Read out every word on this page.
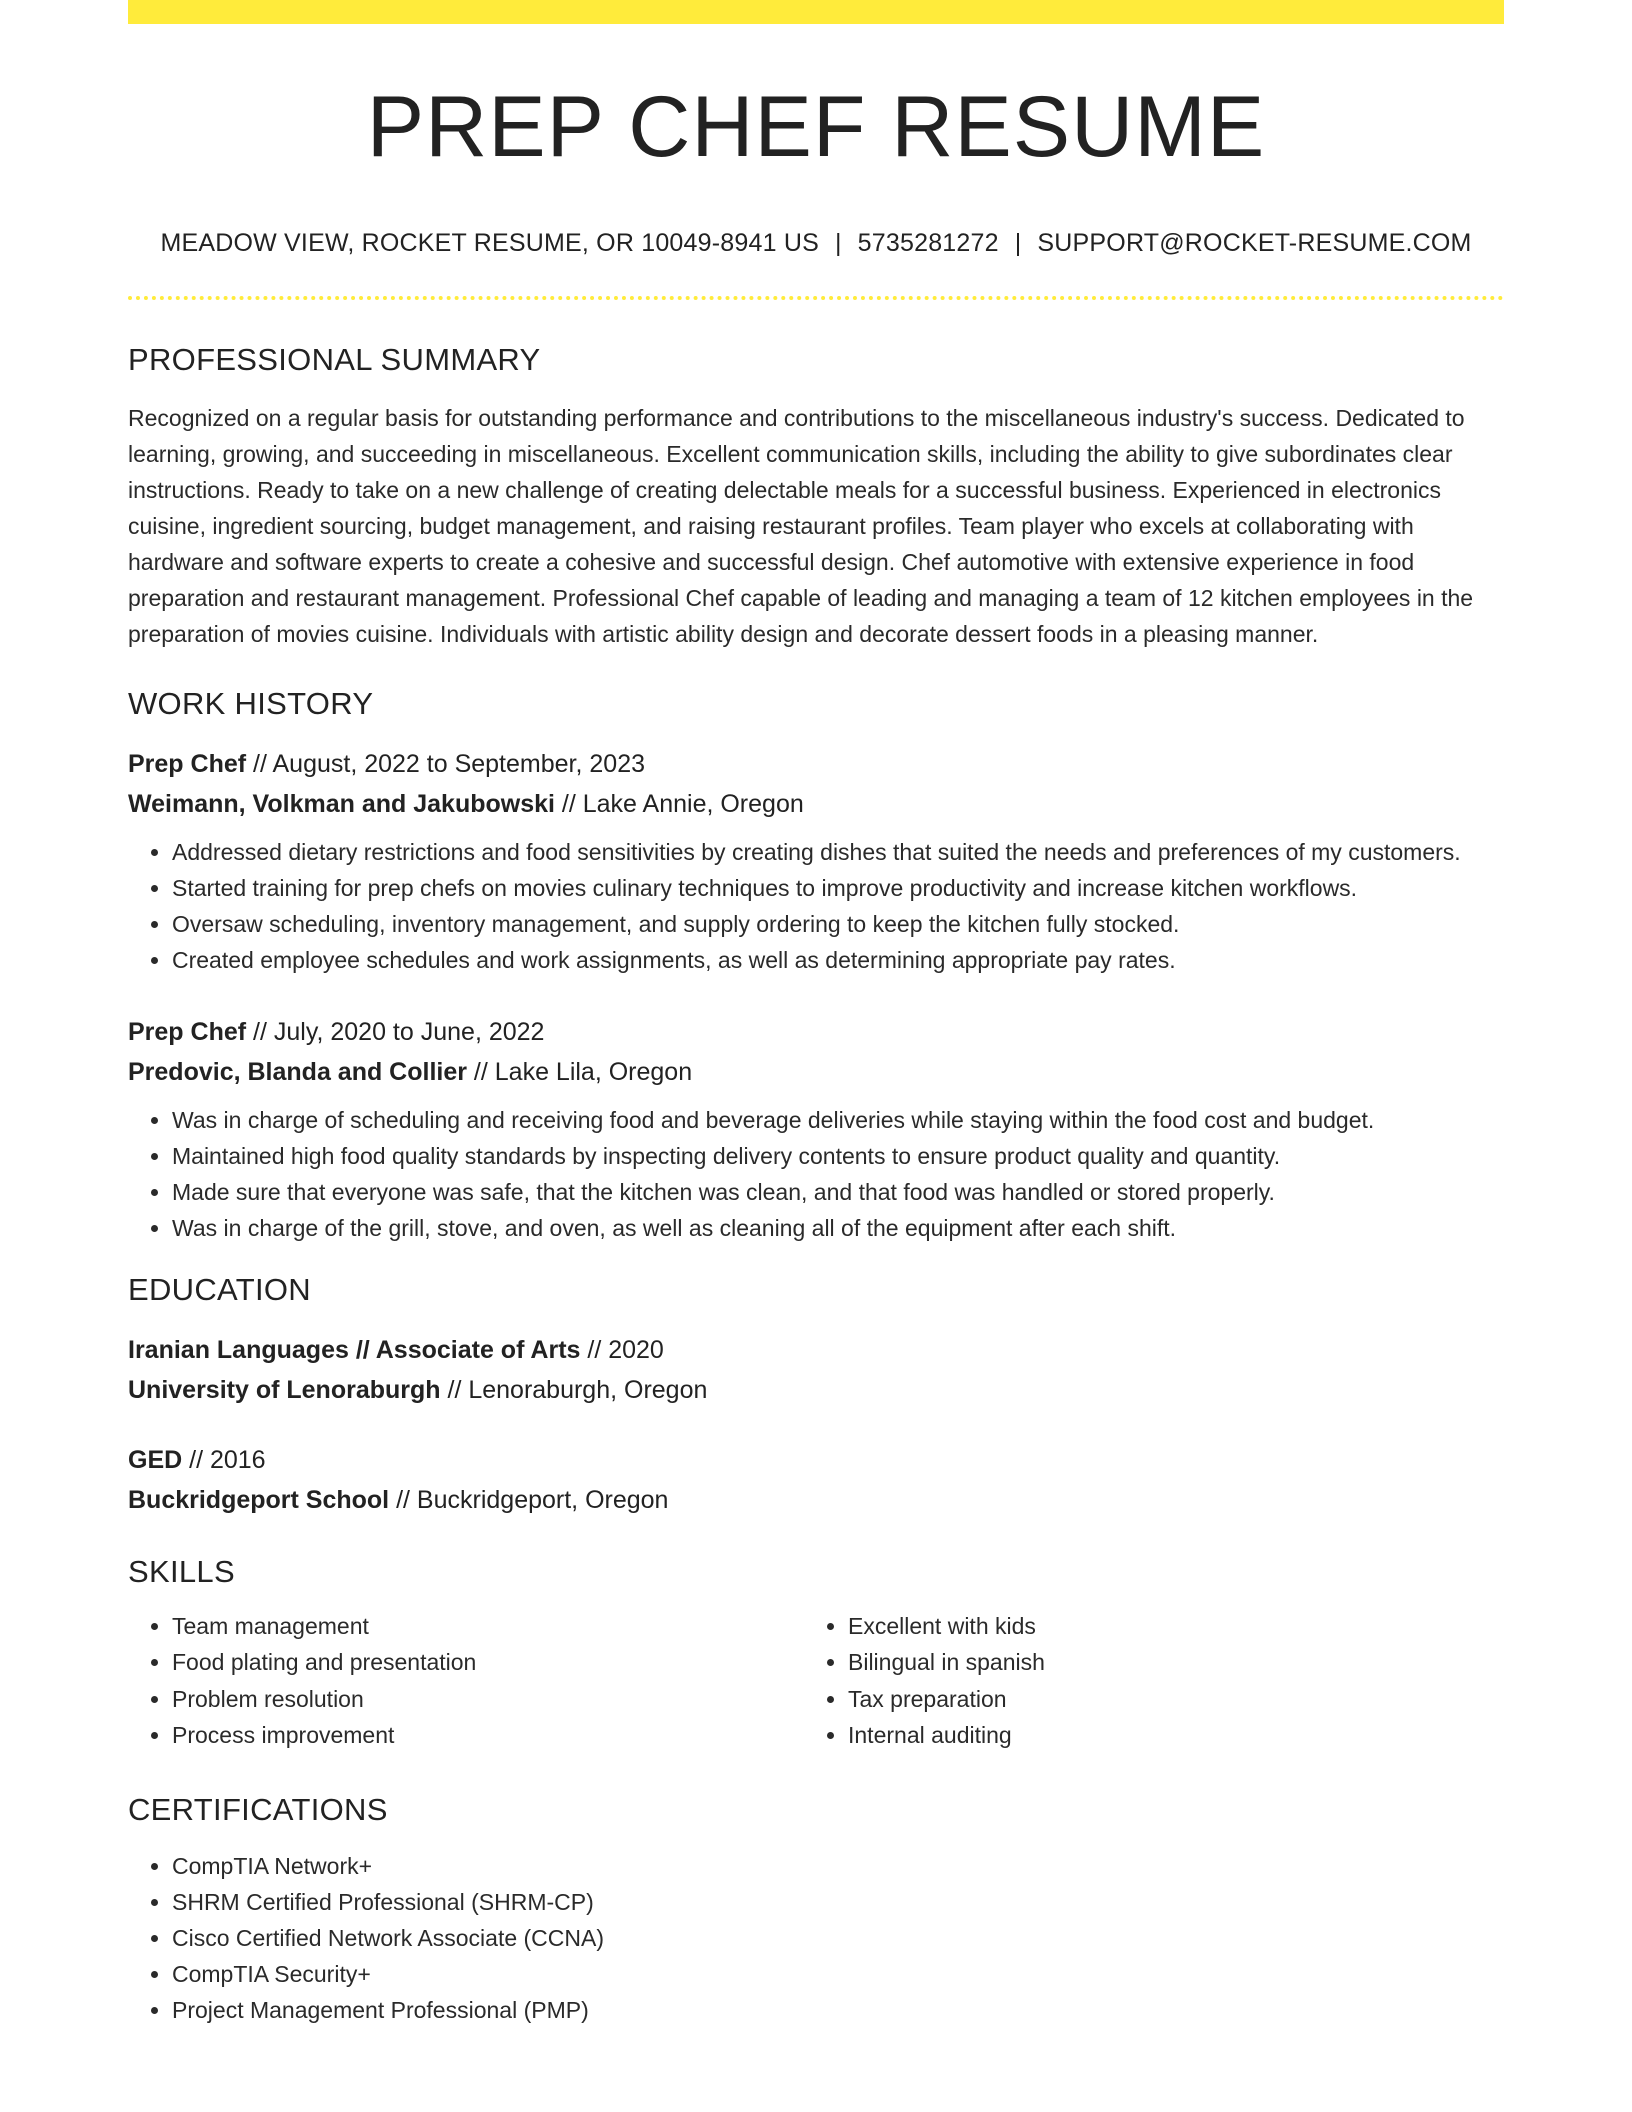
PREP CHEF RESUME
MEADOW VIEW, ROCKET RESUME, OR 10049-8941 US | 5735281272 | SUPPORT@ROCKET-RESUME.COM
PROFESSIONAL SUMMARY

Recognized on a regular basis for outstanding performance and contributions to the miscellaneous industry's success. Dedicated to learning, growing, and succeeding in miscellaneous. Excellent communication skills, including the ability to give subordinates clear instructions. Ready to take on a new challenge of creating delectable meals for a successful business. Experienced in electronics cuisine, ingredient sourcing, budget management, and raising restaurant profiles. Team player who excels at collaborating with hardware and software experts to create a cohesive and successful design. Chef automotive with extensive experience in food preparation and restaurant management. Professional Chef capable of leading and managing a team of 12 kitchen employees in the preparation of movies cuisine. Individuals with artistic ability design and decorate dessert foods in a pleasing manner.

WORK HISTORY
Prep Chef // August, 2022 to September, 2023
Weimann, Volkman and Jakubowski // Lake Annie, Oregon
• Addressed dietary restrictions and food sensitivities by creating dishes that suited the needs and preferences of my customers.
• Started training for prep chefs on movies culinary techniques to improve productivity and increase kitchen workflows.
• Oversaw scheduling, inventory management, and supply ordering to keep the kitchen fully stocked.
• Created employee schedules and work assignments, as well as determining appropriate pay rates.
Prep Chef // July, 2020 to June, 2022
Predovic, Blanda and Collier // Lake Lila, Oregon
• Was in charge of scheduling and receiving food and beverage deliveries while staying within the food cost and budget.
• Maintained high food quality standards by inspecting delivery contents to ensure product quality and quantity.
• Made sure that everyone was safe, that the kitchen was clean, and that food was handled or stored properly.
• Was in charge of the grill, stove, and oven, as well as cleaning all of the equipment after each shift.
EDUCATION
Iranian Languages // Associate of Arts // 2020
University of Lenoraburgh // Lenoraburgh, Oregon
GED // 2016
Buckridgeport School // Buckridgeport, Oregon
SKILLS
• Team management
• Food plating and presentation
• Problem resolution
• Process improvement
• Excellent with kids
• Bilingual in spanish
• Tax preparation
• Internal auditing
CERTIFICATIONS
• CompTIA Network+
• SHRM Certified Professional (SHRM-CP)
• Cisco Certified Network Associate (CCNA)
• CompTIA Security+
• Project Management Professional (PMP)
